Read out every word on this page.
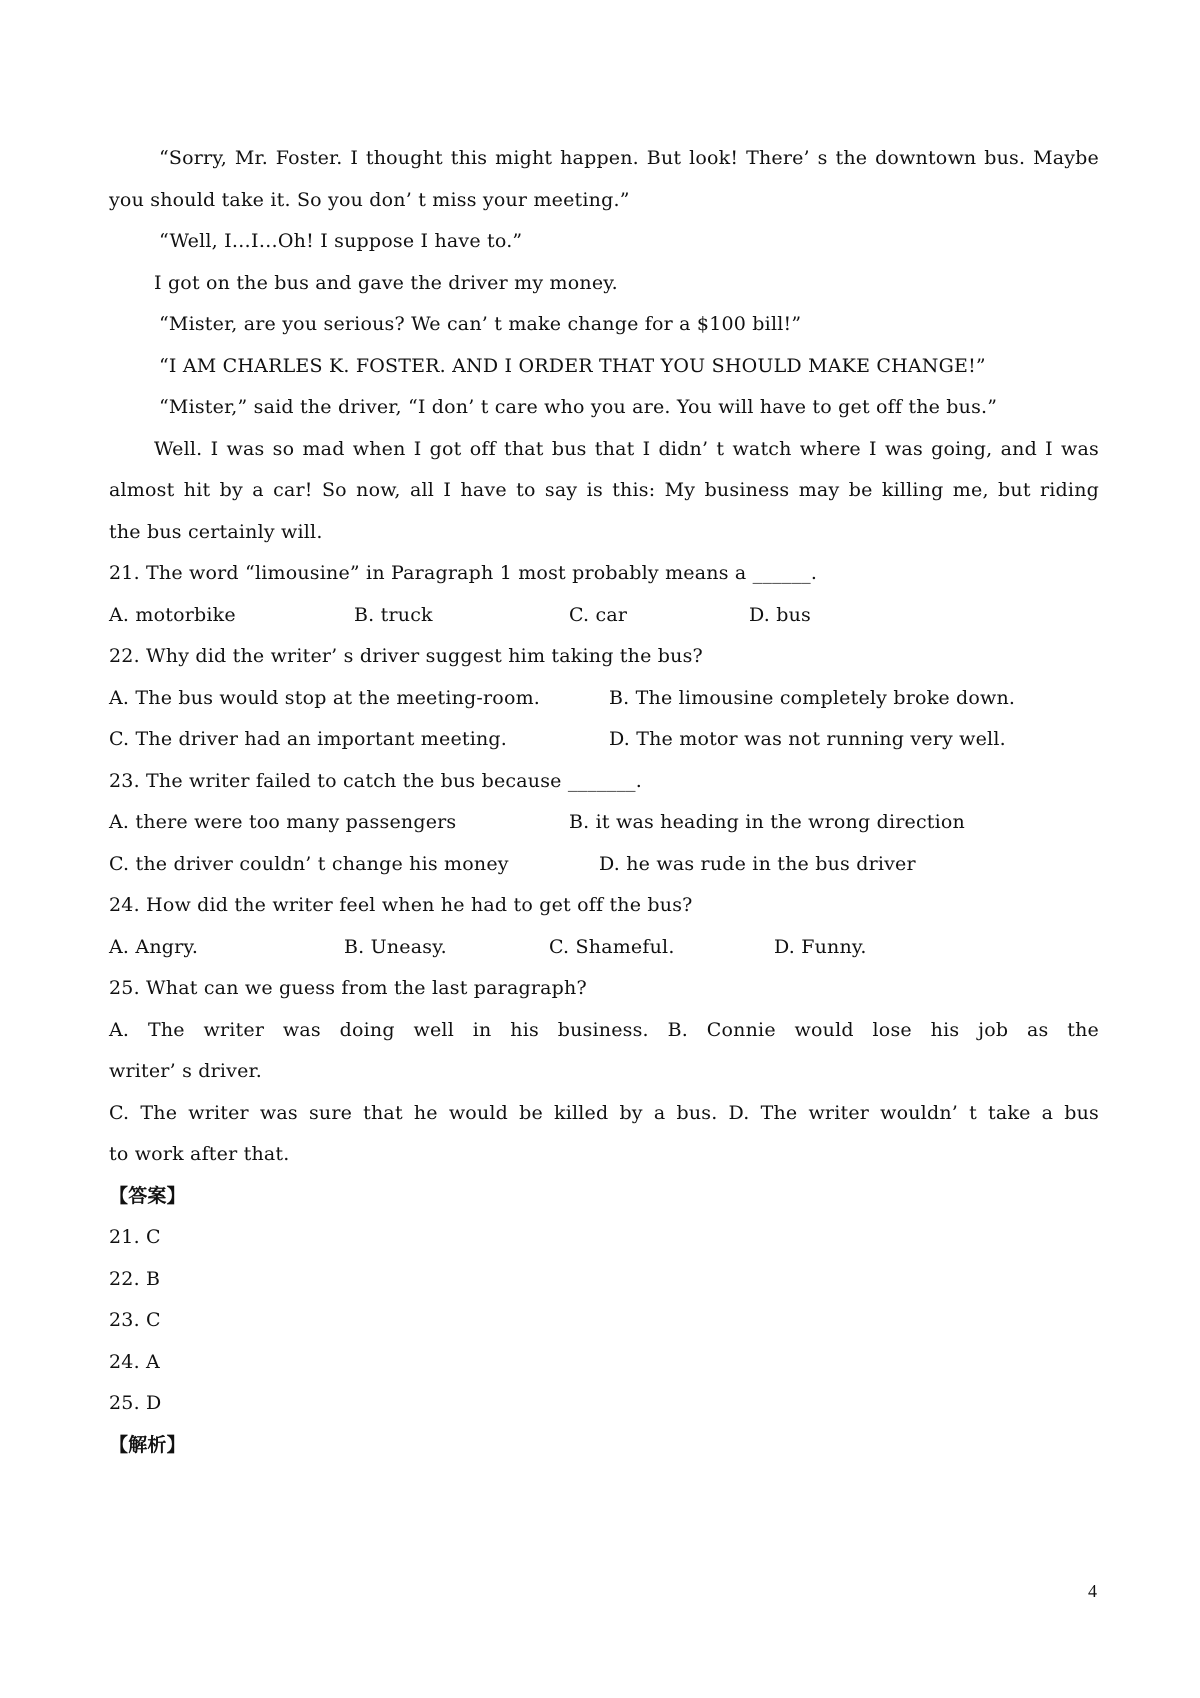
“Sorry, Mr. Foster. I thought this might happen. But look! There’ s the downtown bus. Maybe
you should take it. So you don’ t miss your meeting.”
“Well, I…I…Oh! I suppose I have to.”
I got on the bus and gave the driver my money.
“Mister, are you serious? We can’ t make change for a $100 bill!”
“I AM CHARLES K. FOSTER. AND I ORDER THAT YOU SHOULD MAKE CHANGE!”
“Mister,” said the driver, “I don’ t care who you are. You will have to get off the bus.”
Well. I was so mad when I got off that bus that I didn’ t watch where I was going, and I was
almost hit by a car! So now, all I have to say is this: My business may be killing me, but riding
the bus certainly will.
21. The word “limousine” in Paragraph 1 most probably means a ______.
A. motorbike	B. truck	C. car	D. bus
22. Why did the writer’ s driver suggest him taking the bus?
A. The bus would stop at the meeting-room.	B. The limousine completely broke down.
C. The driver had an important meeting.	D. The motor was not running very well.
23. The writer failed to catch the bus because _______.
A. there were too many passengers	B. it was heading in the wrong direction
C. the driver couldn’ t change his money	D. he was rude in the bus driver
24. How did the writer feel when he had to get off the bus?
A. Angry.	B. Uneasy.	C. Shameful.	D. Funny.
25. What can we guess from the last paragraph?
A. The writer was doing well in his business. B. Connie would lose his job as the
writer’ s driver.
C. The writer was sure that he would be killed by a bus. D. The writer wouldn’ t take a bus
to work after that.
【答案】
21. C
22. B
23. C
24. A
25. D
【解析】
4
